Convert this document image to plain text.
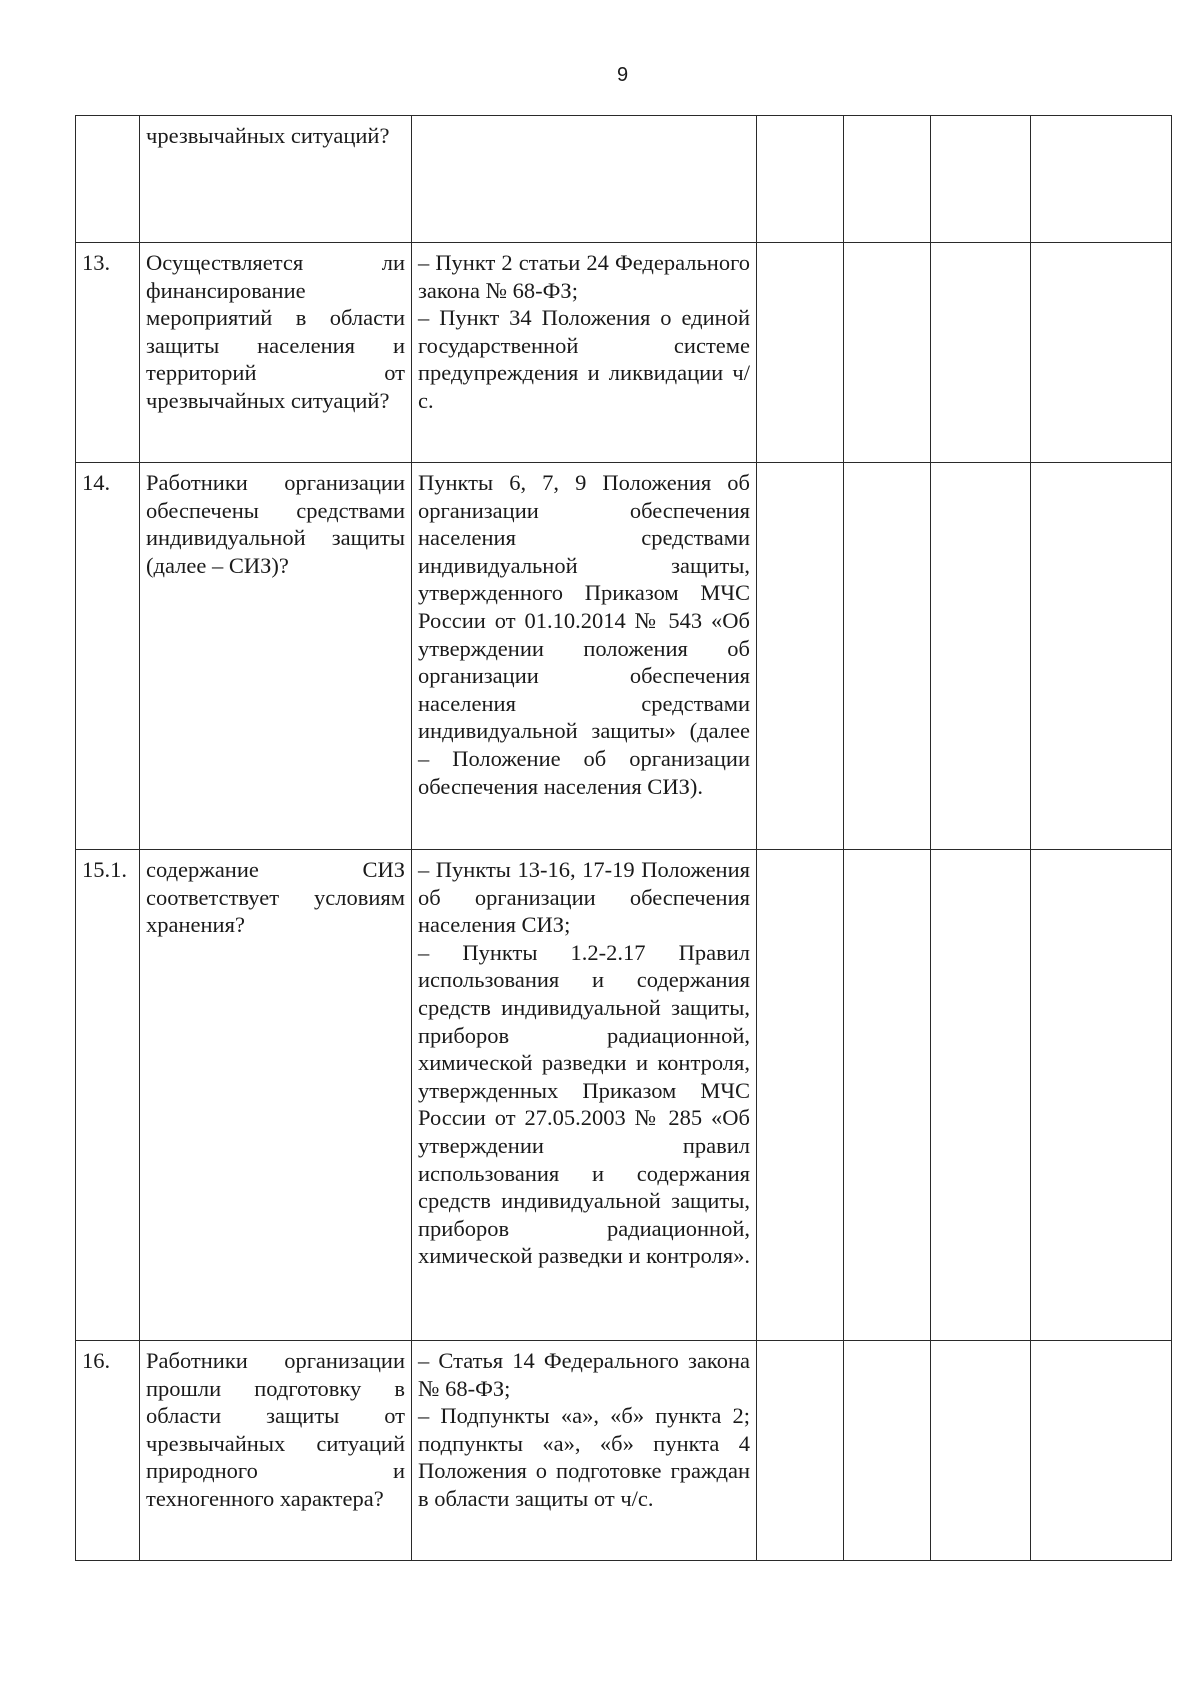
9
	чрезвычайных ситуаций?					
13.	Осуществляется ли финансирование мероприятий в области защиты населения и территорий от чрезвычайных ситуаций?	– Пункт 2 статьи 24 Федерального закона № 68-ФЗ;
– Пункт 34 Положения о единой государственной системе предупреждения и ликвидации ч/с.				

14.	Работники организации обеспечены средствами индивидуальной защиты (далее – СИЗ)?	Пункты 6, 7, 9 Положения об организации обеспечения населения средствами индивидуальной защиты, утвержденного Приказом МЧС России от 01.10.2014 № 543 «Об утверждении положения об организации обеспечения населения средствами индивидуальной защиты» (далее – Положение об организации обеспечения населения СИЗ).				

15.1.	содержание СИЗ соответствует условиям хранения?	– Пункты 13-16, 17-19 Положения об организации обеспечения населения СИЗ;
– Пункты 1.2-2.17 Правил использования и содержания средств индивидуальной защиты, приборов радиационной, химической разведки и контроля, утвержденных Приказом МЧС России от 27.05.2003 № 285 «Об утверждении правил использования и содержания средств индивидуальной защиты, приборов радиационной, химической разведки и контроля».				

16.	Работники организации прошли подготовку в области защиты от чрезвычайных ситуаций природного и техногенного характера?	– Статья 14 Федерального закона № 68-ФЗ;
– Подпункты «а», «б» пункта 2; подпункты «а», «б» пункта 4 Положения о подготовке граждан в области защиты от ч/с.				
